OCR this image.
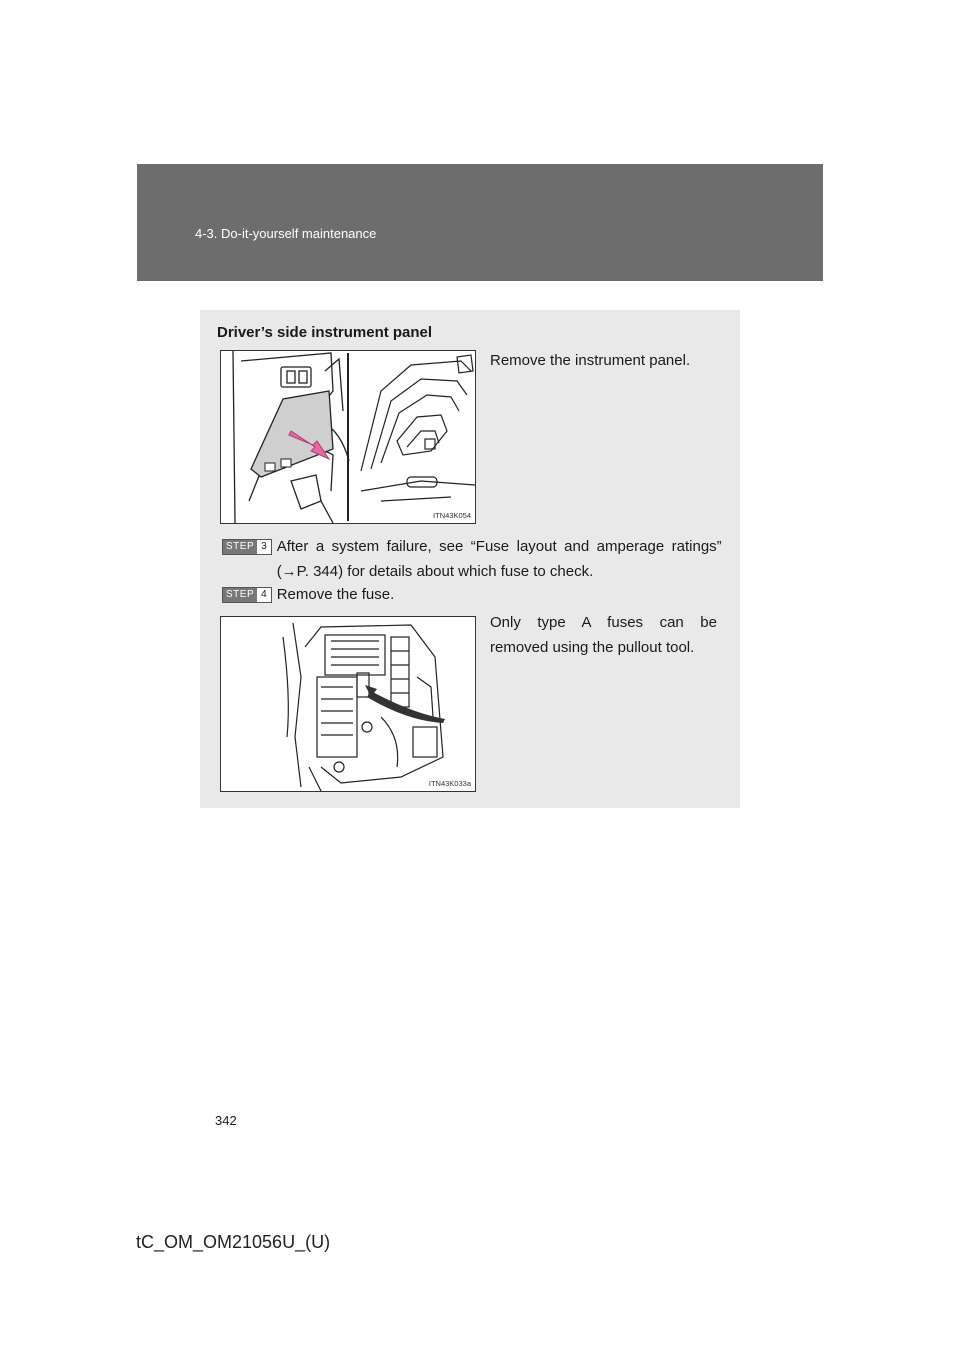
4-3. Do-it-yourself maintenance
Driver’s side instrument panel
ITN43K054
Remove the instrument panel.
STEP 3 After a system failure, see “Fuse layout and amperage ratings” (→P. 344) for details about which fuse to check.
STEP 4 Remove the fuse.
ITN43K033a
Only type A fuses can be removed using the pullout tool.
342
tC_OM_OM21056U_(U)
